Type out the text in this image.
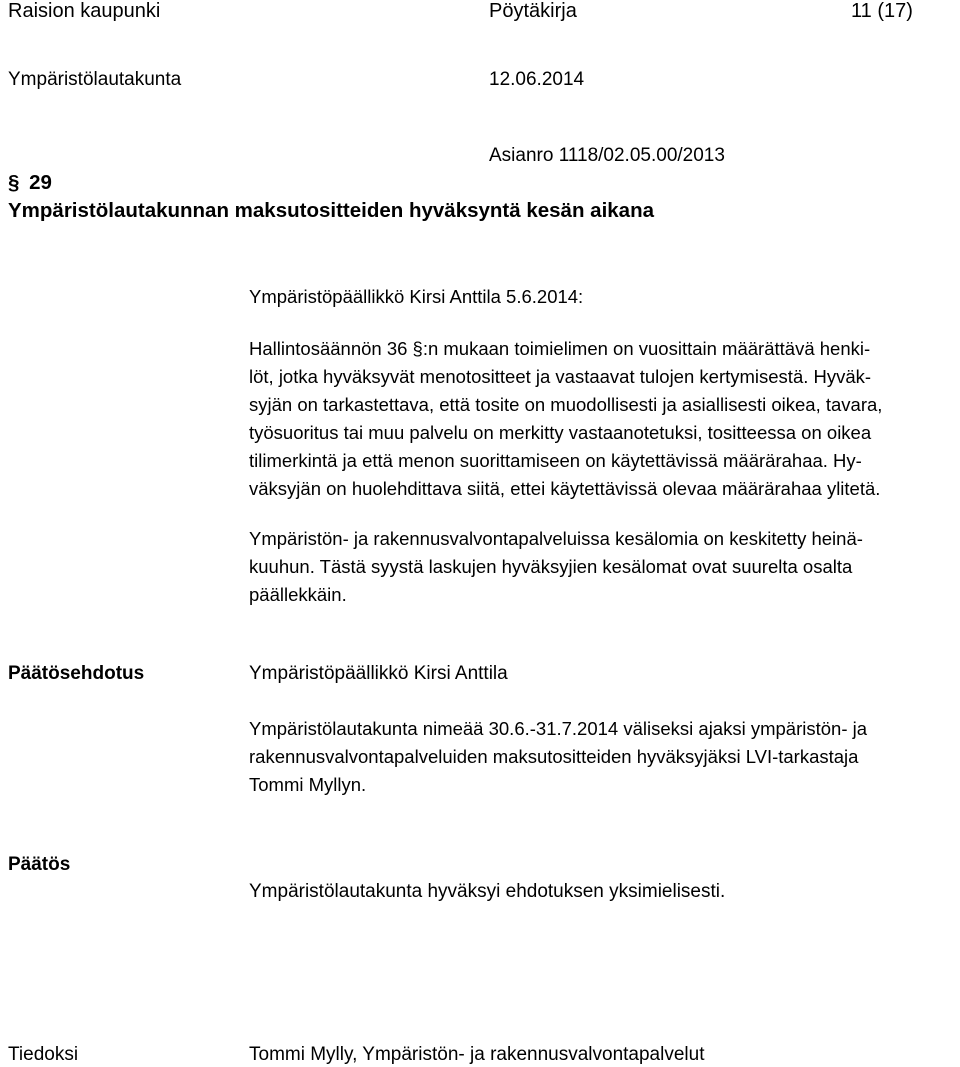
Raision kaupunki	Pöytäkirja	11 (17)
Ympäristölautakunta	12.06.2014
Asianro 1118/02.05.00/2013
§ 29
Ympäristölautakunnan maksutositteiden hyväksyntä kesän aikana
Ympäristöpäällikkö Kirsi Anttila 5.6.2014:
Hallintosäännön 36 §:n mukaan toimielimen on vuosittain määrättävä henki-
löt, jotka hyväksyvät menotositteet ja vastaavat tulojen kertymisestä. Hyväk-
syjän on tarkastettava, että tosite on muodollisesti ja asiallisesti oikea, tavara,
työsuoritus tai muu palvelu on merkitty vastaanotetuksi, tositteessa on oikea
tilimerkintä ja että menon suorittamiseen on käytettävissä määrärahaa. Hy-
väksyjän on huolehdittava siitä, ettei käytettävissä olevaa määrärahaa ylitetä.
Ympäristön- ja rakennusvalvontapalveluissa kesälomia on keskitetty heinä-
kuuhun. Tästä syystä laskujen hyväksyjien kesälomat ovat suurelta osalta
päällekkäin.
Päätösehdotus	Ympäristöpäällikkö Kirsi Anttila
Ympäristölautakunta nimeää 30.6.-31.7.2014 väliseksi ajaksi ympäristön- ja
rakennusvalvontapalveluiden maksutositteiden hyväksyjäksi LVI-tarkastaja
Tommi Myllyn.
Päätös
Ympäristölautakunta hyväksyi ehdotuksen yksimielisesti.
Tiedoksi	Tommi Mylly, Ympäristön- ja rakennusvalvontapalvelut
